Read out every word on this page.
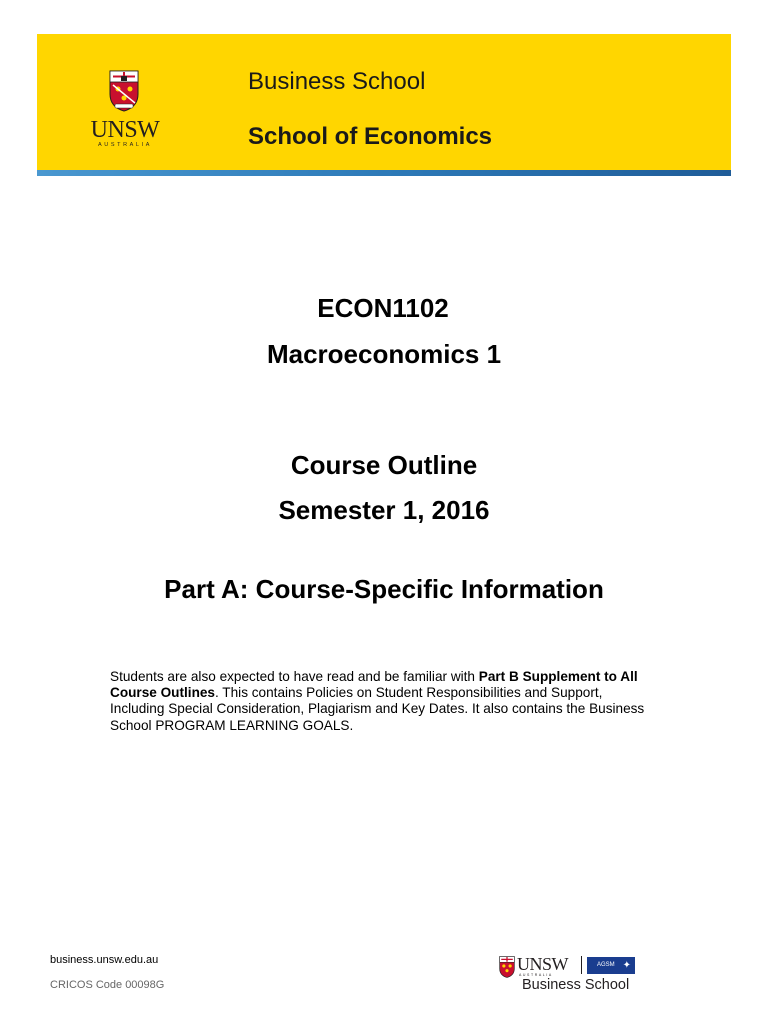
UNSW
AUSTRALIA
Business School
School of Economics
ECON1102
Macroeconomics 1
Course Outline
Semester 1, 2016
Part A: Course-Specific Information

Students are also expected to have read and be familiar with Part B Supplement to All Course Outlines. This contains Policies on Student Responsibilities and Support, Including Special Consideration, Plagiarism and Key Dates. It also contains the Business School PROGRAM LEARNING GOALS.

business.unsw.edu.au
CRICOS Code 00098G
UNSW
AUSTRALIA
AGSM ✦
Business School
